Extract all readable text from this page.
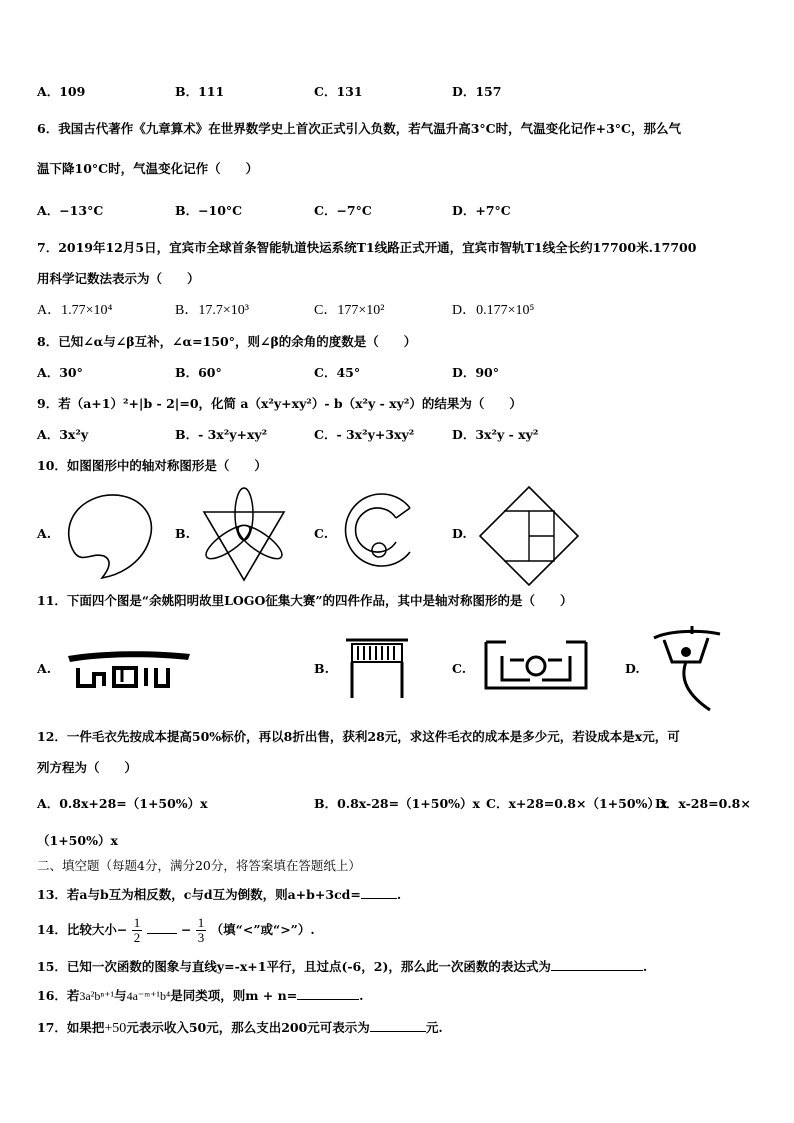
A．109	B．111	C．131	D．157
6．我国古代著作《九章算术》在世界数学史上首次正式引入负数，若气温升高3°C时，气温变化记作+3°C，那么气
温下降10°C时，气温变化记作（　　）
A．−13°C	B．−10°C	C．−7°C	D．+7°C
7．2019年12月5日，宜宾市全球首条智能轨道快运系统T1线路正式开通，宜宾市智轨T1线全长约17700米.17700
用科学记数法表示为（　　）
A．1.77×10⁴	B．17.7×10³	C．177×10²	D．0.177×10⁵
8．已知∠α与∠β互补，∠α=150°，则∠β的余角的度数是（　　）
A．30°	B．60°	C．45°	D．90°
9．若（a+1）²+|b - 2|=0，化简 a（x²y+xy²）- b（x²y - xy²）的结果为（　　）
A．3x²y	B．- 3x²y+xy²	C．- 3x²y+3xy²	D．3x²y - xy²
10．如图图形中的轴对称图形是（　　）
A.	B.	C.	D.
11．下面四个图是“余姚阳明故里LOGO征集大赛”的四件作品，其中是轴对称图形的是（　　）
A.	B.	C.	D.
12．一件毛衣先按成本提高50%标价，再以8折出售，获利28元，求这件毛衣的成本是多少元，若设成本是x元，可
列方程为（　　）
A．0.8x+28=（1+50%）x	B．0.8x-28=（1+50%）x C．x+28=0.8×（1+50%）x
D．x-28=0.8×
（1+50%）x
二、填空题（每题4分，满分20分，将答案填在答题纸上）
13．若a与b互为相反数，c与d互为倒数，则a+b+3cd=	.
14．比较大小− $\frac{1}{2}$	− $\frac{1}{3}$ （填“<”或“>”）.
15．已知一次函数的图象与直线y=-x+1平行，且过点(-6，2)，那么此一次函数的表达式为	.
16．若3a²bⁿ⁺¹与4a⁻ᵐ⁺¹b⁴是同类项，则m + n=	.
17．如果把+50元表示收入50元，那么支出200元可表示为	元.
